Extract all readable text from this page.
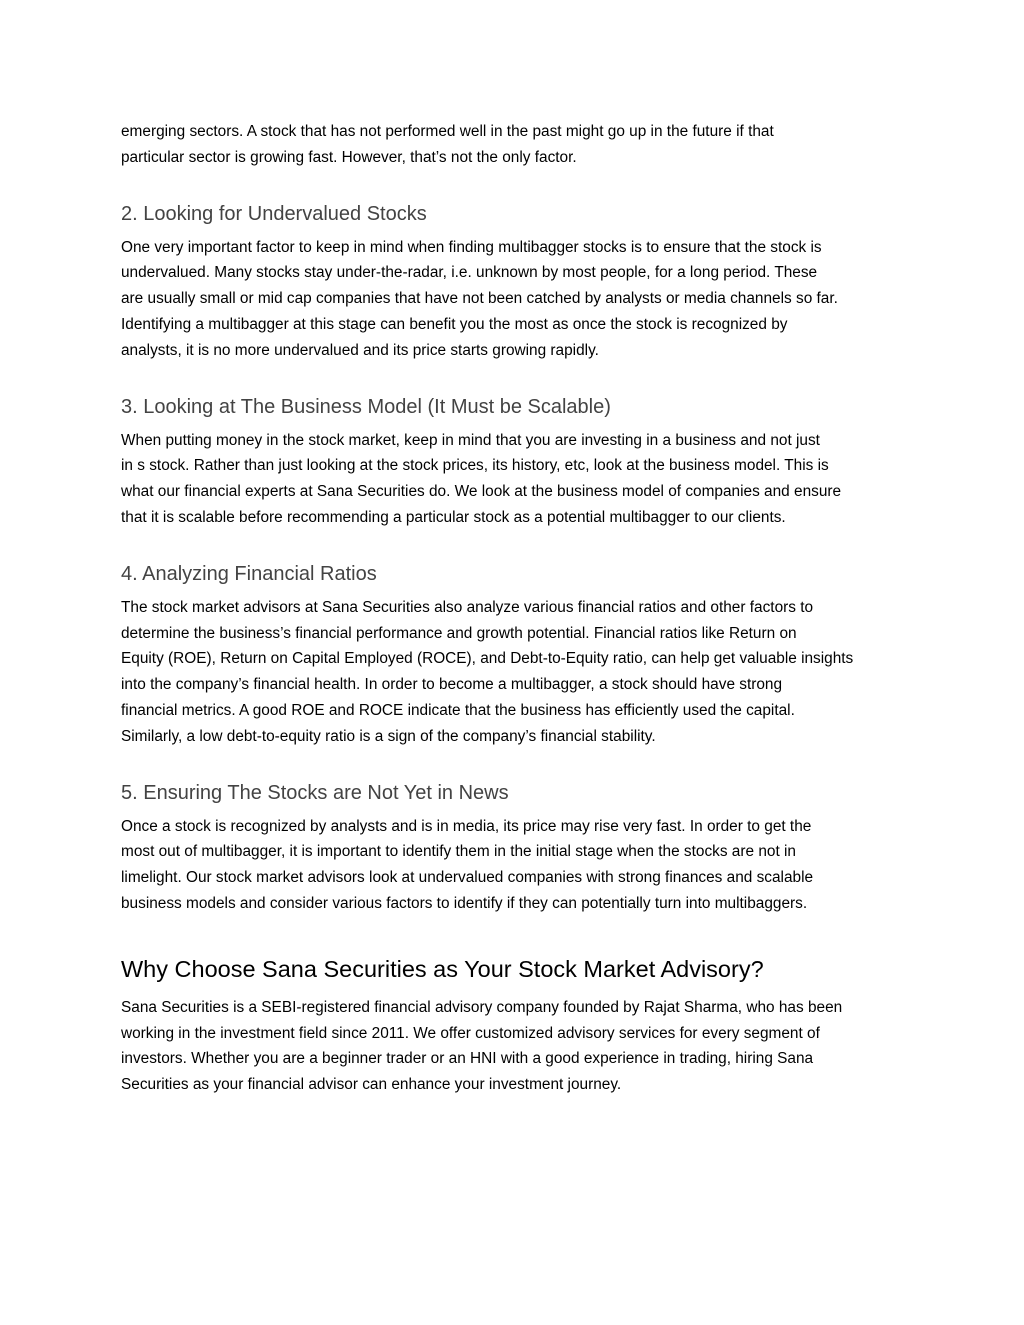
emerging sectors. A stock that has not performed well in the past might go up in the future if that
particular sector is growing fast. However, that’s not the only factor.

2. Looking for Undervalued Stocks

One very important factor to keep in mind when finding multibagger stocks is to ensure that the stock is
undervalued. Many stocks stay under-the-radar, i.e. unknown by most people, for a long period. These
are usually small or mid cap companies that have not been catched by analysts or media channels so far.
Identifying a multibagger at this stage can benefit you the most as once the stock is recognized by
analysts, it is no more undervalued and its price starts growing rapidly.

3. Looking at The Business Model (It Must be Scalable)

When putting money in the stock market, keep in mind that you are investing in a business and not just
in s stock. Rather than just looking at the stock prices, its history, etc, look at the business model. This is
what our financial experts at Sana Securities do. We look at the business model of companies and ensure
that it is scalable before recommending a particular stock as a potential multibagger to our clients.

4. Analyzing Financial Ratios

The stock market advisors at Sana Securities also analyze various financial ratios and other factors to
determine the business’s financial performance and growth potential. Financial ratios like Return on
Equity (ROE), Return on Capital Employed (ROCE), and Debt-to-Equity ratio, can help get valuable insights
into the company’s financial health. In order to become a multibagger, a stock should have strong
financial metrics. A good ROE and ROCE indicate that the business has efficiently used the capital.
Similarly, a low debt-to-equity ratio is a sign of the company’s financial stability.

5. Ensuring The Stocks are Not Yet in News

Once a stock is recognized by analysts and is in media, its price may rise very fast. In order to get the
most out of multibagger, it is important to identify them in the initial stage when the stocks are not in
limelight. Our stock market advisors look at undervalued companies with strong finances and scalable
business models and consider various factors to identify if they can potentially turn into multibaggers.

Why Choose Sana Securities as Your Stock Market Advisory?

Sana Securities is a SEBI-registered financial advisory company founded by Rajat Sharma, who has been
working in the investment field since 2011. We offer customized advisory services for every segment of
investors. Whether you are a beginner trader or an HNI with a good experience in trading, hiring Sana
Securities as your financial advisor can enhance your investment journey.
